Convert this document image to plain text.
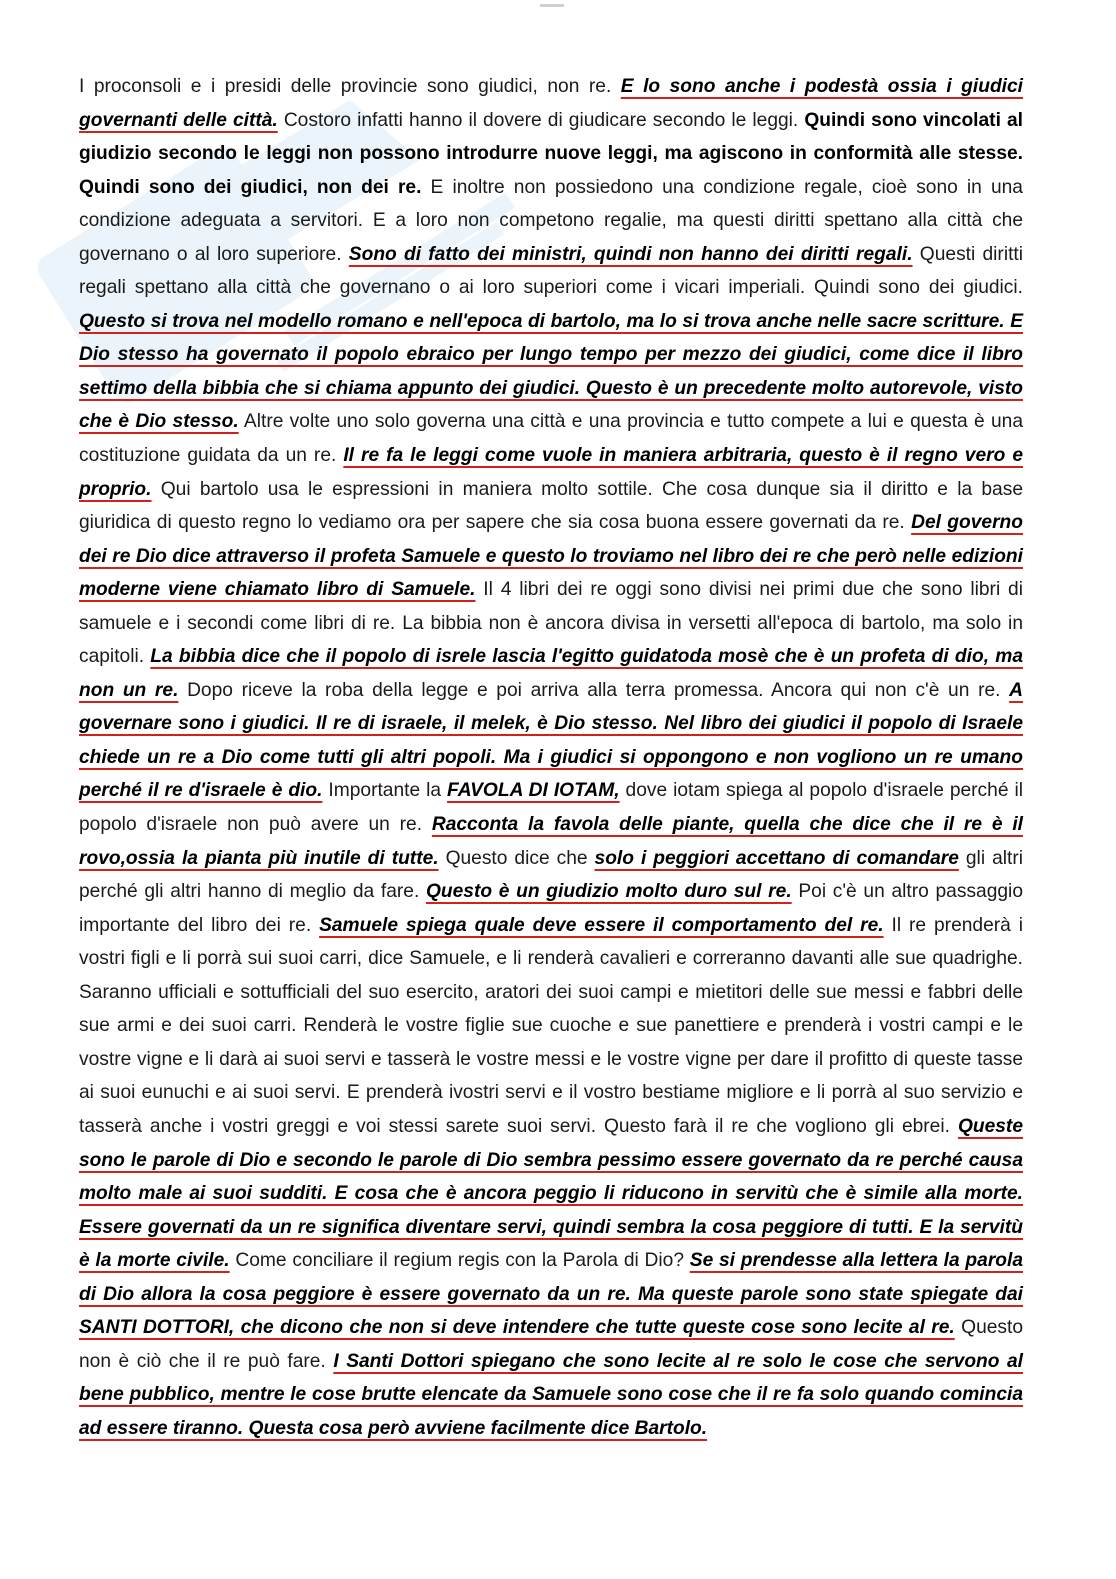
I proconsoli e i presidi delle provincie sono giudici, non re. E lo sono anche i podestà ossia i giudici governanti delle città. Costoro infatti hanno il dovere di giudicare secondo le leggi. Quindi sono vincolati al giudizio secondo le leggi non possono introdurre nuove leggi, ma agiscono in conformità alle stesse. Quindi sono dei giudici, non dei re. E inoltre non possiedono una condizione regale, cioè sono in una condizione adeguata a servitori. E a loro non competono regalie, ma questi diritti spettano alla città che governano o al loro superiore. Sono di fatto dei ministri, quindi non hanno dei diritti regali. Questi diritti regali spettano alla città che governano o ai loro superiori come i vicari imperiali. Quindi sono dei giudici. Questo si trova nel modello romano e nell'epoca di bartolo, ma lo si trova anche nelle sacre scritture. E Dio stesso ha governato il popolo ebraico per lungo tempo per mezzo dei giudici, come dice il libro settimo della bibbia che si chiama appunto dei giudici. Questo è un precedente molto autorevole, visto che è Dio stesso. Altre volte uno solo governa una città e una provincia e tutto compete a lui e questa è una costituzione guidata da un re. Il re fa le leggi come vuole in maniera arbitraria, questo è il regno vero e proprio. Qui bartolo usa le espressioni in maniera molto sottile. Che cosa dunque sia il diritto e la base giuridica di questo regno lo vediamo ora per sapere che sia cosa buona essere governati da re. Del governo dei re Dio dice attraverso il profeta Samuele e questo lo troviamo nel libro dei re che però nelle edizioni moderne viene chiamato libro di Samuele. Il 4 libri dei re oggi sono divisi nei primi due che sono libri di samuele e i secondi come libri di re. La bibbia non è ancora divisa in versetti all'epoca di bartolo, ma solo in capitoli. La bibbia dice che il popolo di isrele lascia l'egitto guidatoda mosè che è un profeta di dio, ma non un re. Dopo riceve la roba della legge e poi arriva alla terra promessa. Ancora qui non c'è un re. A governare sono i giudici. Il re di israele, il melek, è Dio stesso. Nel libro dei giudici il popolo di Israele chiede un re a Dio come tutti gli altri popoli. Ma i giudici si oppongono e non vogliono un re umano perché il re d'israele è dio. Importante la FAVOLA DI IOTAM, dove iotam spiega al popolo d'israele perché il popolo d'israele non può avere un re. Racconta la favola delle piante, quella che dice che il re è il rovo,ossia la pianta più inutile di tutte. Questo dice che solo i peggiori accettano di comandare gli altri perché gli altri hanno di meglio da fare. Questo è un giudizio molto duro sul re. Poi c'è un altro passaggio importante del libro dei re. Samuele spiega quale deve essere il comportamento del re. Il re prenderà i vostri figli e li porrà sui suoi carri, dice Samuele, e li renderà cavalieri e correranno davanti alle sue quadrighe. Saranno ufficiali e sottufficiali del suo esercito, aratori dei suoi campi e mietitori delle sue messi e fabbri delle sue armi e dei suoi carri. Renderà le vostre figlie sue cuoche e sue panettiere e prenderà i vostri campi e le vostre vigne e li darà ai suoi servi e tasserà le vostre messi e le vostre vigne per dare il profitto di queste tasse ai suoi eunuchi e ai suoi servi. E prenderà ivostri servi e il vostro bestiame migliore e li porrà al suo servizio e tasserà anche i vostri greggi e voi stessi sarete suoi servi. Questo farà il re che vogliono gli ebrei. Queste sono le parole di Dio e secondo le parole di Dio sembra pessimo essere governato da re perché causa molto male ai suoi sudditi. E cosa che è ancora peggio li riducono in servitù che è simile alla morte. Essere governati da un re significa diventare servi, quindi sembra la cosa peggiore di tutti. E la servitù è la morte civile. Come conciliare il regium regis con la Parola di Dio? Se si prendesse alla lettera la parola di Dio allora la cosa peggiore è essere governato da un re. Ma queste parole sono state spiegate dai SANTI DOTTORI, che dicono che non si deve intendere che tutte queste cose sono lecite al re. Questo non è ciò che il re può fare. I Santi Dottori spiegano che sono lecite al re solo le cose che servono al bene pubblico, mentre le cose brutte elencate da Samuele sono cose che il re fa solo quando comincia ad essere tiranno. Questa cosa però avviene facilmente dice Bartolo.
